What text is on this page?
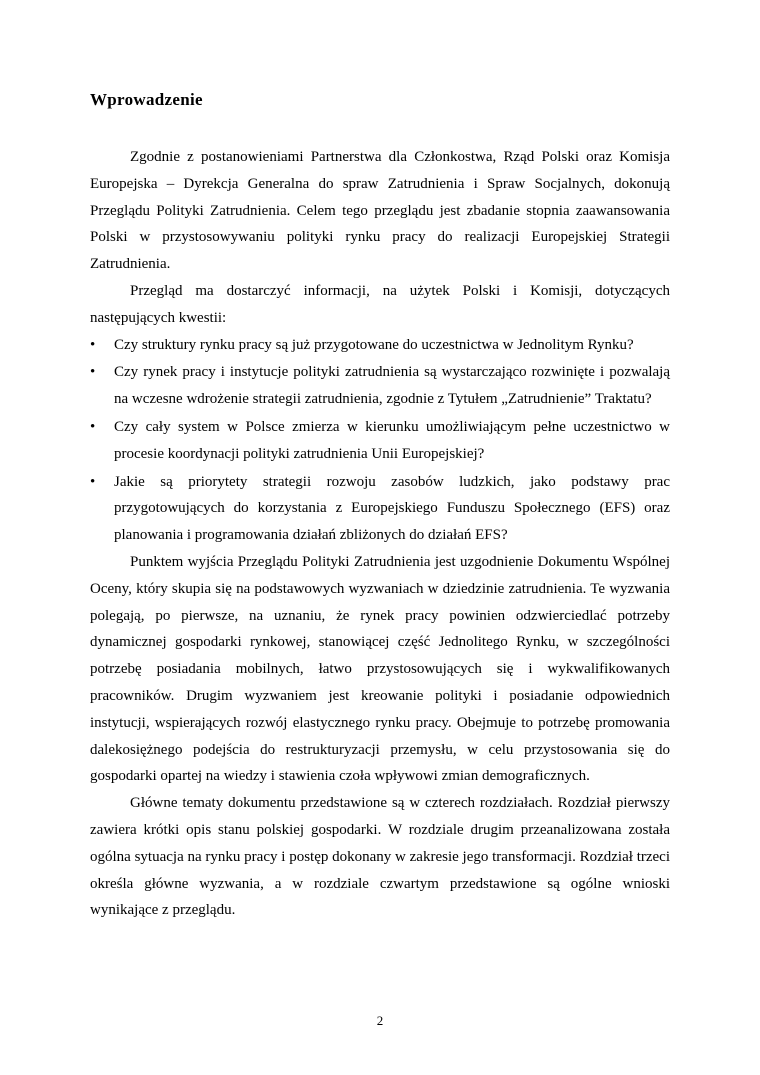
Wprowadzenie

Zgodnie z postanowieniami Partnerstwa dla Członkostwa, Rząd Polski oraz Komisja Europejska – Dyrekcja Generalna do spraw Zatrudnienia i Spraw Socjalnych, dokonują Przeglądu Polityki Zatrudnienia. Celem tego przeglądu jest zbadanie stopnia zaawansowania Polski w przystosowywaniu polityki rynku pracy do realizacji Europejskiej Strategii Zatrudnienia.

Przegląd ma dostarczyć informacji, na użytek Polski i Komisji, dotyczących następujących kwestii:

•	Czy struktury rynku pracy są już przygotowane do uczestnictwa w Jednolitym Rynku?
•	Czy rynek pracy i instytucje polityki zatrudnienia są wystarczająco rozwinięte i pozwalają na wczesne wdrożenie strategii zatrudnienia, zgodnie z Tytułem „Zatrudnienie” Traktatu?
•	Czy cały system w Polsce zmierza w kierunku umożliwiającym pełne uczestnictwo w procesie koordynacji polityki zatrudnienia Unii Europejskiej?
•	Jakie są priorytety strategii rozwoju zasobów ludzkich, jako podstawy prac przygotowujących do korzystania z Europejskiego Funduszu Społecznego (EFS) oraz planowania i programowania działań zbliżonych do działań EFS?

Punktem wyjścia Przeglądu Polityki Zatrudnienia jest uzgodnienie Dokumentu Wspólnej Oceny, który skupia się na podstawowych wyzwaniach w dziedzinie zatrudnienia. Te wyzwania polegają, po pierwsze, na uznaniu, że rynek pracy powinien odzwierciedlać potrzeby dynamicznej gospodarki rynkowej, stanowiącej część Jednolitego Rynku, w szczególności potrzebę posiadania mobilnych, łatwo przystosowujących się i wykwalifikowanych pracowników. Drugim wyzwaniem jest kreowanie polityki i posiadanie odpowiednich instytucji, wspierających rozwój elastycznego rynku pracy. Obejmuje to potrzebę promowania dalekosiężnego podejścia do restrukturyzacji przemysłu, w celu przystosowania się do gospodarki opartej na wiedzy i stawienia czoła wpływowi zmian demograficznych.

Główne tematy dokumentu przedstawione są w czterech rozdziałach. Rozdział pierwszy zawiera krótki opis stanu polskiej gospodarki. W rozdziale drugim przeanalizowana została ogólna sytuacja na rynku pracy i postęp dokonany w zakresie jego transformacji. Rozdział trzeci określa główne wyzwania, a w rozdziale czwartym przedstawione są ogólne wnioski wynikające z przeglądu.

2
